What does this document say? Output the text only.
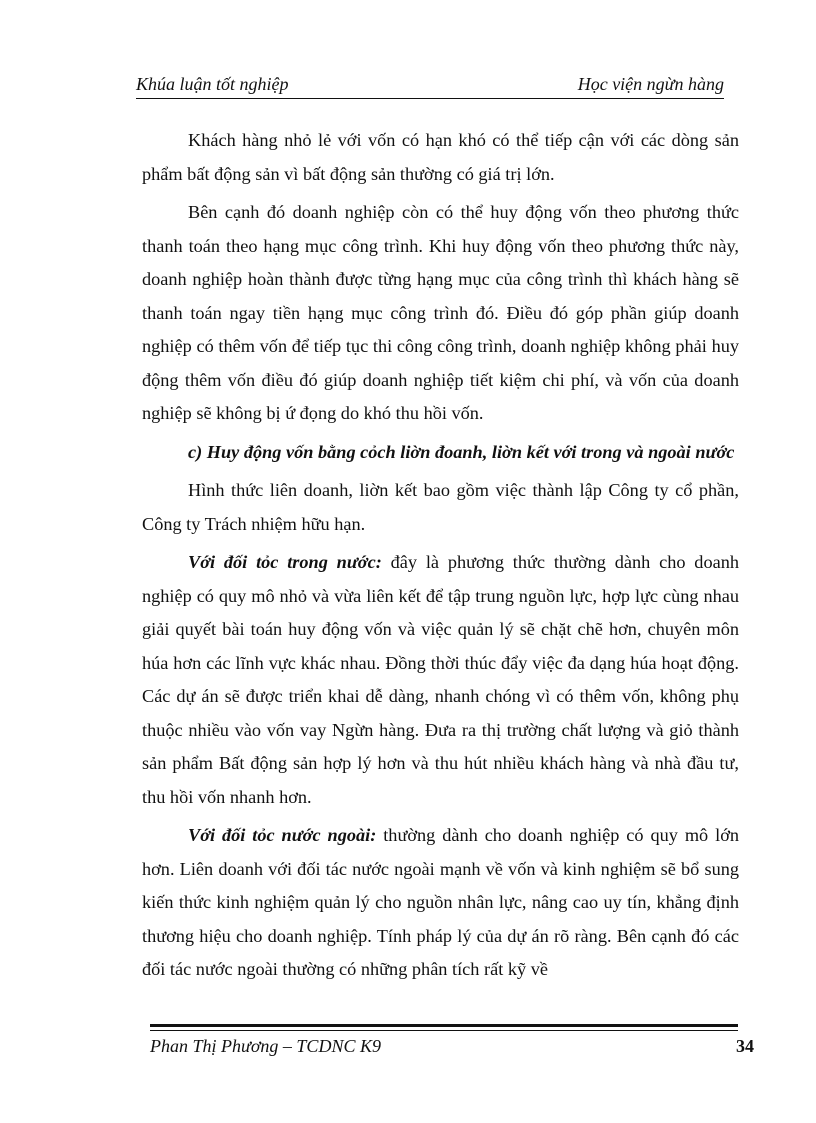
Khúa luận tốt nghiệp	Học viện ngừn hàng

Khách hàng nhỏ lẻ với vốn có hạn khó có thể tiếp cận với các dòng sản phẩm bất động sản vì bất động sản thường có giá trị lớn.

Bên cạnh đó doanh nghiệp còn có thể huy động vốn theo phương thức thanh toán theo hạng mục công trình. Khi huy động vốn theo phương thức này, doanh nghiệp hoàn thành được từng hạng mục của công trình thì khách hàng sẽ thanh toán ngay tiền hạng mục công trình đó. Điều đó góp phần giúp doanh nghiệp có thêm vốn để tiếp tục thi công công trình, doanh nghiệp không phải huy động thêm vốn điều đó giúp doanh nghiệp tiết kiệm chi phí, và vốn của doanh nghiệp sẽ không bị ứ đọng do khó thu hồi vốn.

c) Huy động vốn bằng cỏch liờn đoanh, liờn kết với trong và ngoài nước

Hình thức liên doanh, liờn kết bao gồm việc thành lập Công ty cổ phần, Công ty Trách nhiệm hữu hạn.

Với đối tỏc trong nước: đây là phương thức thường dành cho doanh nghiệp có quy mô nhỏ và vừa liên kết để tập trung nguồn lực, hợp lực cùng nhau giải quyết bài toán huy động vốn và việc quản lý sẽ chặt chẽ hơn, chuyên môn húa hơn các lĩnh vực khác nhau. Đồng thời thúc đẩy việc đa dạng húa hoạt động. Các dự án sẽ được triển khai dễ dàng, nhanh chóng vì có thêm vốn, không phụ thuộc nhiều vào vốn vay Ngừn hàng. Đưa ra thị trường chất lượng và giỏ thành sản phẩm Bất động sản hợp lý hơn và thu hút nhiều khách hàng và nhà đầu tư, thu hồi vốn nhanh hơn.

Với đối tỏc nước ngoài: thường dành cho doanh nghiệp có quy mô lớn hơn. Liên doanh với đối tác nước ngoài mạnh về vốn và kinh nghiệm sẽ bổ sung kiến thức kinh nghiệm quản lý cho nguồn nhân lực, nâng cao uy tín, khẳng định thương hiệu cho doanh nghiệp. Tính pháp lý của dự án rõ ràng. Bên cạnh đó các đối tác nước ngoài thường có những phân tích rất kỹ về

Phan Thị Phương – TCDNC K9	34
